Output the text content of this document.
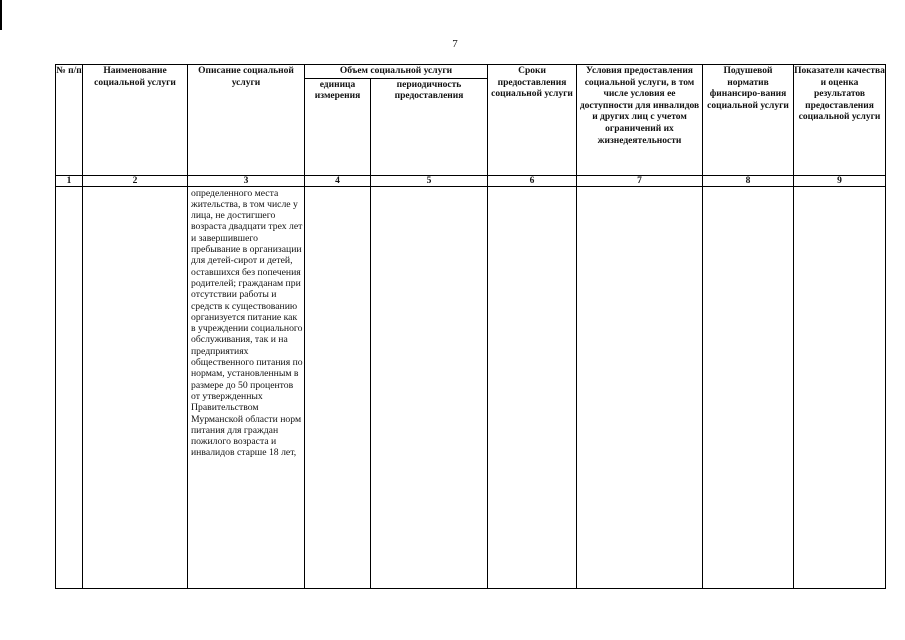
7
№ п/п	Наименование социальной услуги	Описание социальной услуги	Объем социальной услуги		Сроки предоставления социальной услуги	Условия предоставления социальной услуги, в том числе условия ее доступности для инвалидов и других лиц с учетом ограничений их жизнедеятельности	Подушевой норматив финансиро-вания социальной услуги	Показатели качества и оценка результатов предоставления социальной услуги
			единица измерения	периодичность предоставления				
1	2	3	4	5	6	7	8	9
		определенного места жительства, в том числе у лица, не достигшего возраста двадцати трех лет и завершившего пребывание в организации для детей-сирот и детей, оставшихся без попечения родителей; гражданам при отсутствии работы и средств к существованию организуется питание как в учреждении социального обслуживания, так и на предприятиях общественного питания по нормам, установленным в размере до 50 процентов от утвержденных Правительством Мурманской области норм питания для граждан пожилого возраста и инвалидов старше 18 лет,						
